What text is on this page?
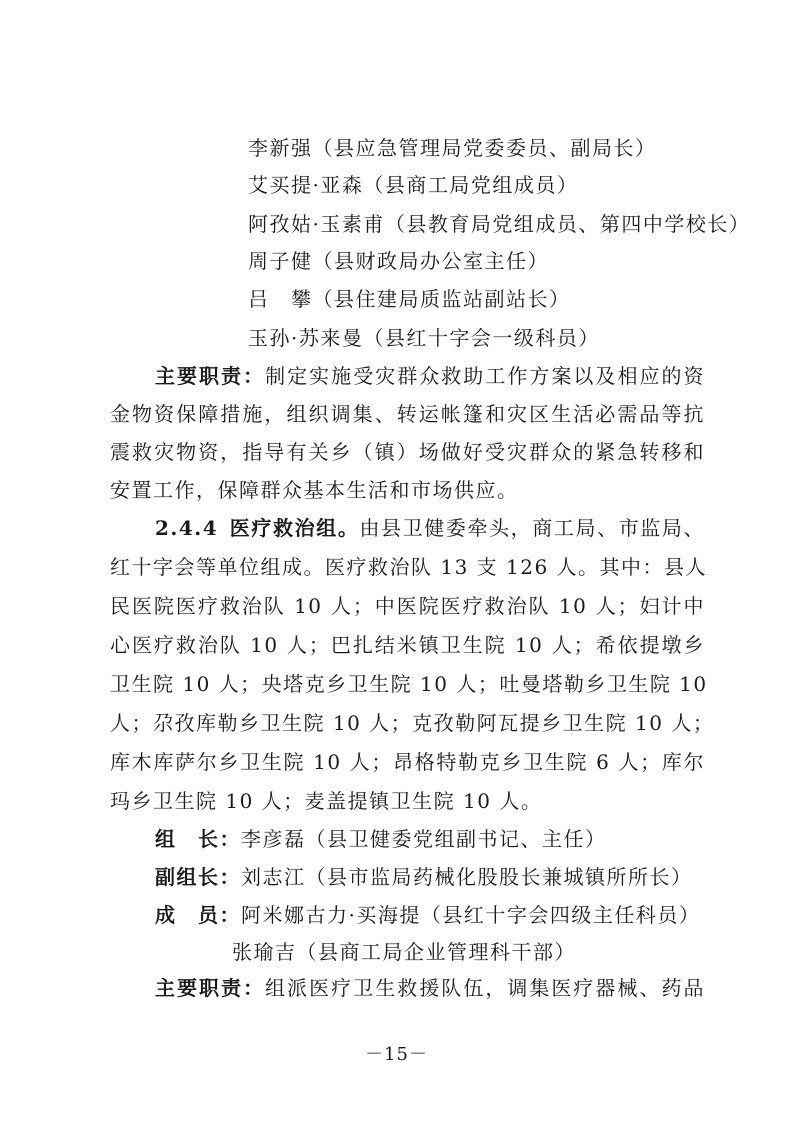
李新强（县应急管理局党委委员、副局长）
艾买提·亚森（县商工局党组成员）
阿孜姑·玉素甫（县教育局党组成员、第四中学校长）
周子健（县财政局办公室主任）
吕　攀（县住建局质监站副站长）
玉孙·苏来曼（县红十字会一级科员）
主要职责：制定实施受灾群众救助工作方案以及相应的资
金物资保障措施，组织调集、转运帐篷和灾区生活必需品等抗
震救灾物资，指导有关乡（镇）场做好受灾群众的紧急转移和
安置工作，保障群众基本生活和市场供应。
2.4.4  医疗救治组。由县卫健委牵头，商工局、市监局、
红十字会等单位组成。医疗救治队 13 支 126 人。其中：县人
民医院医疗救治队 10 人；中医院医疗救治队 10 人；妇计中
心医疗救治队 10 人；巴扎结米镇卫生院 10 人；希依提墩乡
卫生院 10 人；央塔克乡卫生院 10 人；吐曼塔勒乡卫生院 10
人；尕孜库勒乡卫生院 10 人；克孜勒阿瓦提乡卫生院 10 人；
库木库萨尔乡卫生院 10 人；昂格特勒克乡卫生院 6 人；库尔
玛乡卫生院 10 人；麦盖提镇卫生院 10 人。
组　长：李彦磊（县卫健委党组副书记、主任）
副组长：刘志江（县市监局药械化股股长兼城镇所所长）
成　员：阿米娜古力·买海提（县红十字会四级主任科员）
张瑜吉（县商工局企业管理科干部）
主要职责：组派医疗卫生救援队伍，调集医疗器械、药品
－15－
